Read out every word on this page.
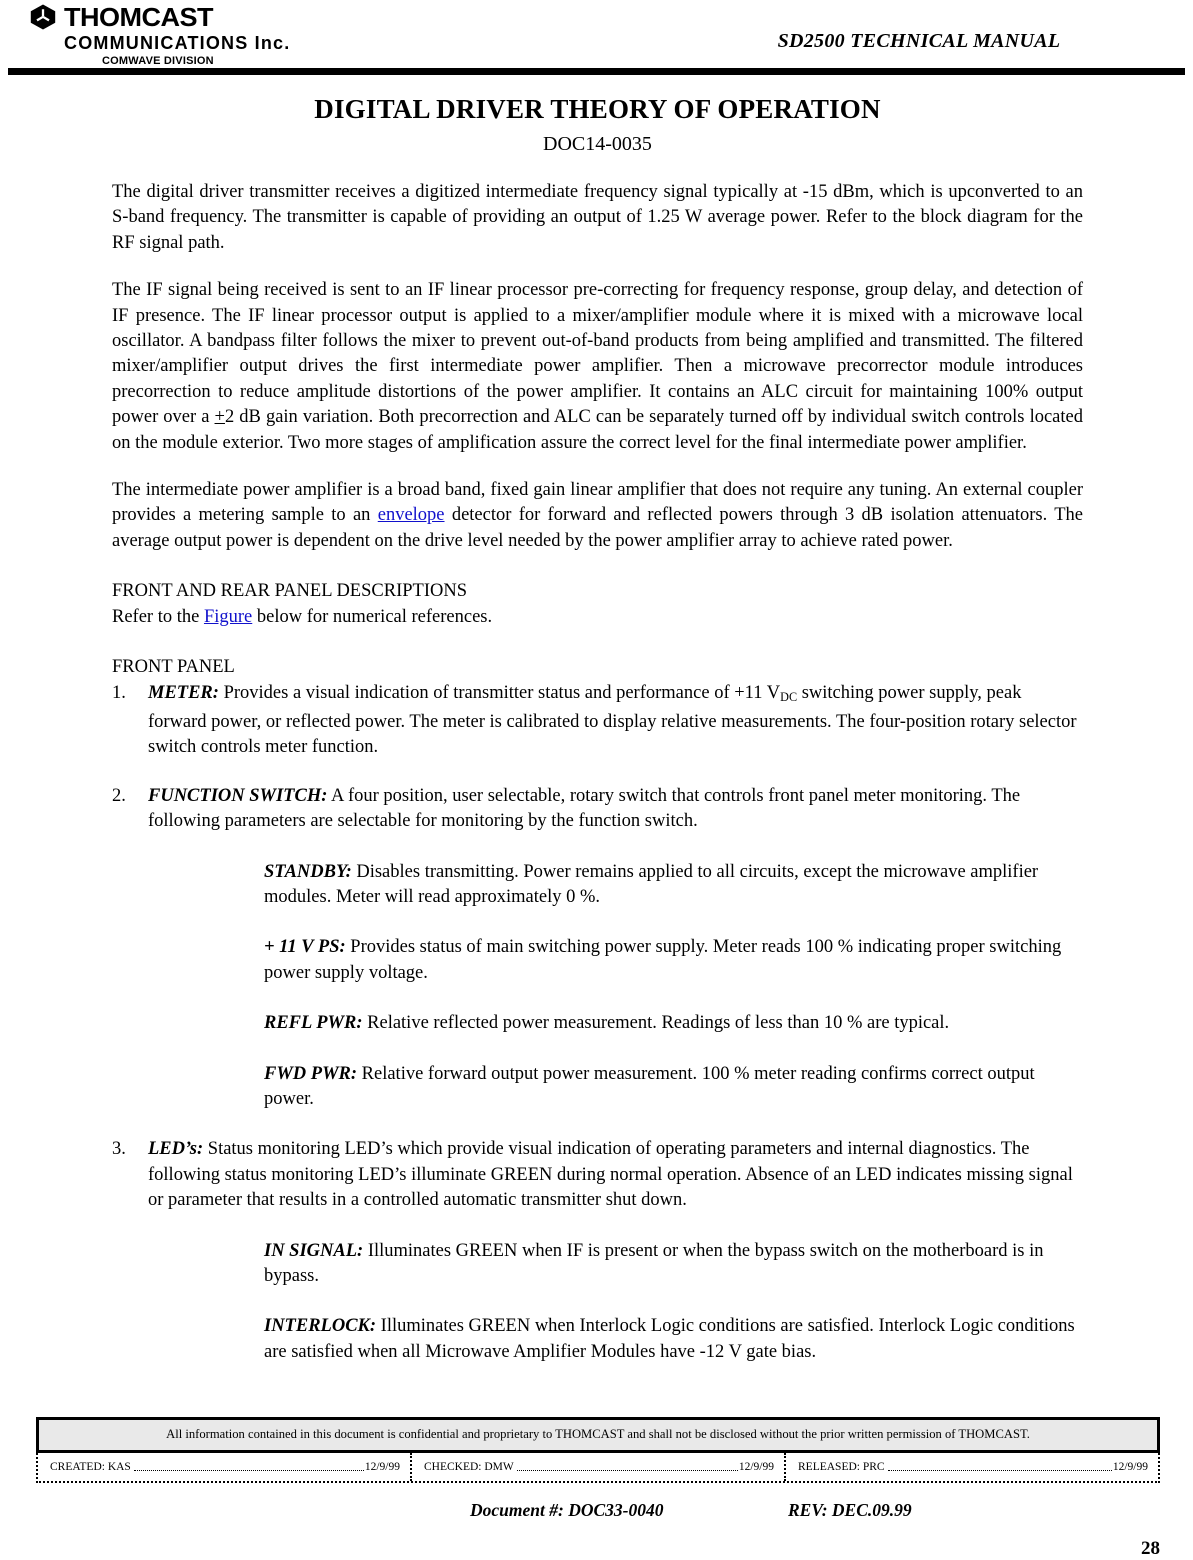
THOMCAST
COMMUNICATIONS Inc.
COMWAVE DIVISION
SD2500 TECHNICAL MANUAL
DIGITAL DRIVER THEORY OF OPERATION
DOC14-0035

The digital driver transmitter receives a digitized intermediate frequency signal typically at -15 dBm, which is upconverted to an S-band frequency. The transmitter is capable of providing an output of 1.25 W average power. Refer to the block diagram for the RF signal path.

The IF signal being received is sent to an IF linear processor pre-correcting for frequency response, group delay, and detection of IF presence. The IF linear processor output is applied to a mixer/amplifier module where it is mixed with a microwave local oscillator. A bandpass filter follows the mixer to prevent out-of-band products from being amplified and transmitted. The filtered mixer/amplifier output drives the first intermediate power amplifier. Then a microwave precorrector module introduces precorrection to reduce amplitude distortions of the power amplifier. It contains an ALC circuit for maintaining 100% output power over a +2 dB gain variation. Both precorrection and ALC can be separately turned off by individual switch controls located on the module exterior. Two more stages of amplification assure the correct level for the final intermediate power amplifier.

The intermediate power amplifier is a broad band, fixed gain linear amplifier that does not require any tuning. An external coupler provides a metering sample to an envelope detector for forward and reflected powers through 3 dB isolation attenuators. The average output power is dependent on the drive level needed by the power amplifier array to achieve rated power.

FRONT AND REAR PANEL DESCRIPTIONS
Refer to the Figure below for numerical references.
FRONT PANEL
1.	METER: Provides a visual indication of transmitter status and performance of +11 $V_{DC}$ switching power supply, peak forward power, or reflected power. The meter is calibrated to display relative measurements. The four-position rotary selector switch controls meter function.
2.	FUNCTION SWITCH: A four position, user selectable, rotary switch that controls front panel meter monitoring. The following parameters are selectable for monitoring by the function switch.
STANDBY: Disables transmitting. Power remains applied to all circuits, except the microwave amplifier modules. Meter will read approximately 0 %.
+ 11 V PS: Provides status of main switching power supply. Meter reads 100 % indicating proper switching power supply voltage.
REFL PWR: Relative reflected power measurement. Readings of less than 10 % are typical.
FWD PWR: Relative forward output power measurement. 100 % meter reading confirms correct output power.
3.	LED’s: Status monitoring LED’s which provide visual indication of operating parameters and internal diagnostics. The following status monitoring LED’s illuminate GREEN during normal operation. Absence of an LED indicates missing signal or parameter that results in a controlled automatic transmitter shut down.
IN SIGNAL: Illuminates GREEN when IF is present or when the bypass switch on the motherboard is in bypass.
INTERLOCK: Illuminates GREEN when Interlock Logic conditions are satisfied. Interlock Logic conditions are satisfied when all Microwave Amplifier Modules have -12 V gate bias.
All information contained in this document is confidential and proprietary to THOMCAST and shall not be disclosed without the prior written permission of THOMCAST.
CREATED: KAS	12/9/99 CHECKED: DMW	12/9/99 RELEASED: PRC	12/9/99
Document #: DOC33-0040	REV: DEC.09.99
28
